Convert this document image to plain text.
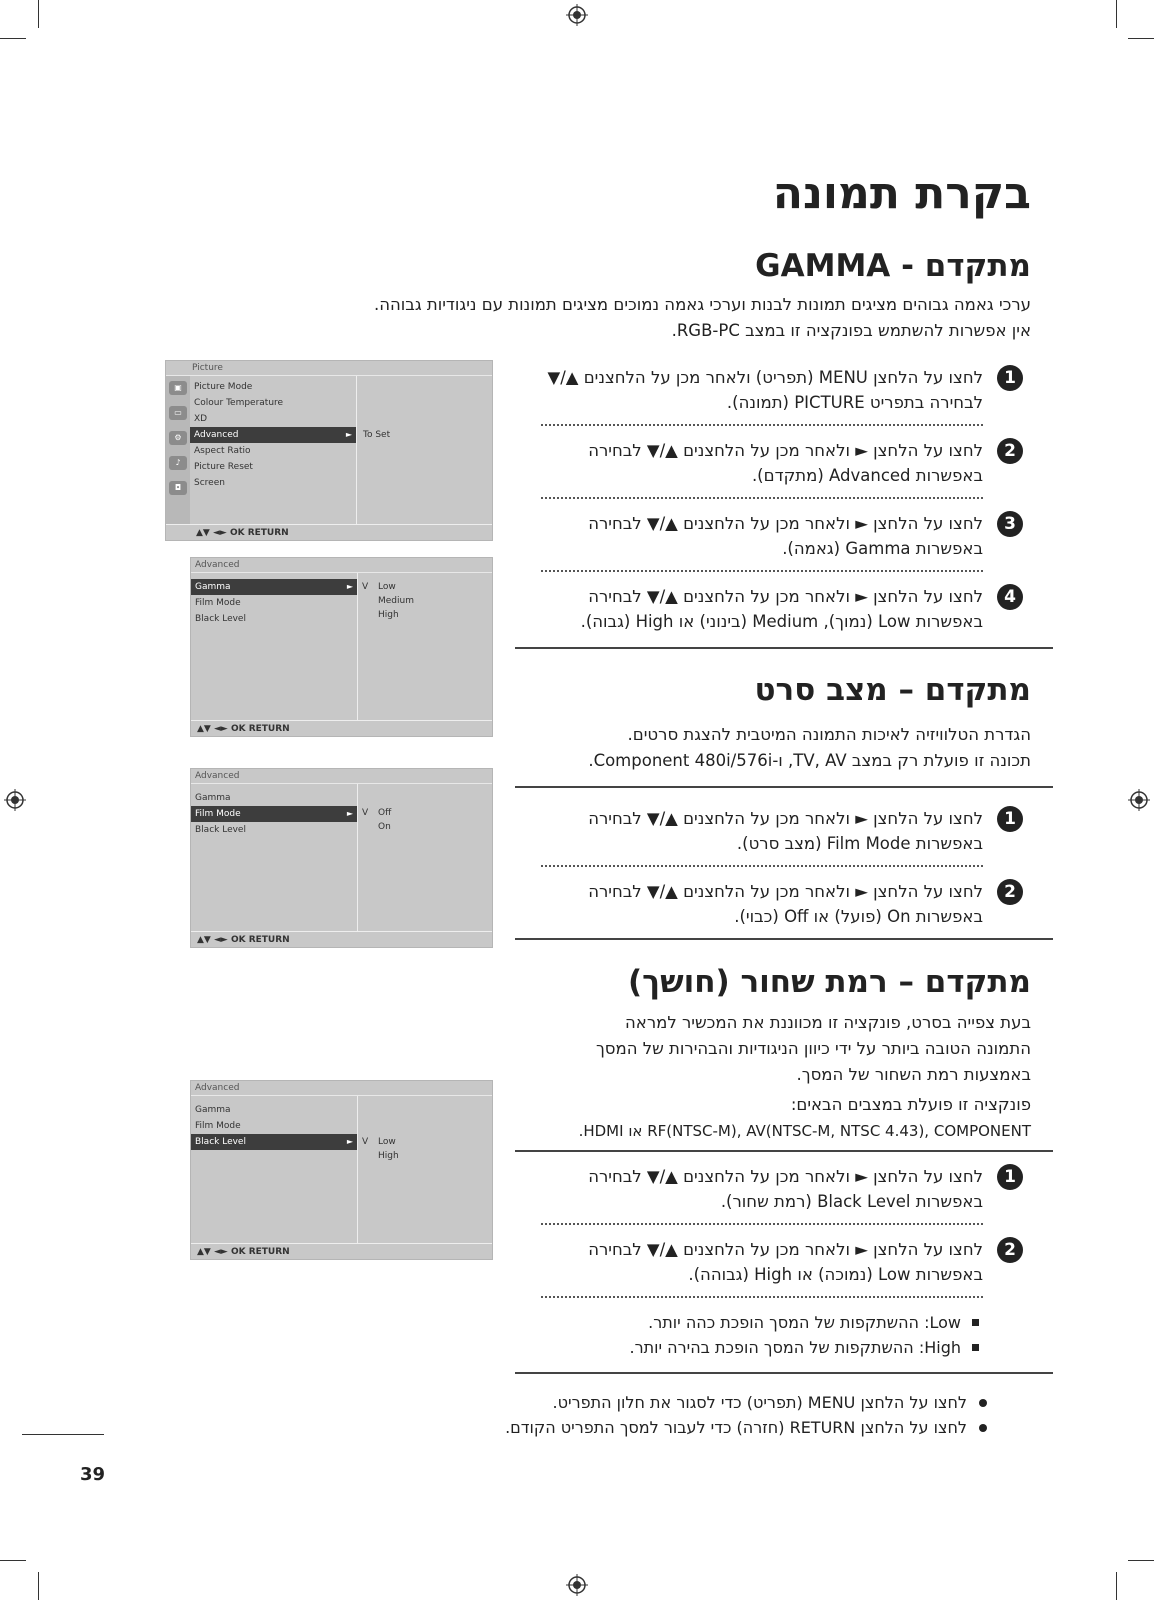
בקרת תמונה
מתקדם - GAMMA
ערכי גאמה גבוהים מציגים תמונות לבנות וערכי גאמה נמוכים מציגים תמונות עם ניגודיות גבוהה.
אין אפשרות להשתמש בפונקציה זו במצב RGB-PC.
1
לחצו על הלחצן MENU (תפריט) ולאחר מכן על הלחצנים ▲/▼
לבחירה בתפריט PICTURE (תמונה).
2
לחצו על הלחצן ► ולאחר מכן על הלחצנים ▲/▼ לבחירה
באפשרות Advanced (מתקדם).
3
לחצו על הלחצן ► ולאחר מכן על הלחצנים ▲/▼ לבחירה
באפשרות Gamma (גאמה).
4
לחצו על הלחצן ► ולאחר מכן על הלחצנים ▲/▼ לבחירה
באפשרות Low (נמוך), Medium (בינוני) או High (גבוה).
מתקדם – מצב סרט
הגדרת הטלוויזיה לאיכות התמונה המיטבית להצגת סרטים.
תכונה זו פועלת רק במצב TV, AV, ו-Component 480i/576i.
1
לחצו על הלחצן ► ולאחר מכן על הלחצנים ▲/▼ לבחירה
באפשרות Film Mode (מצב סרט).
2
לחצו על הלחצן ► ולאחר מכן על הלחצנים ▲/▼ לבחירה
באפשרות On (פועל) או Off (כבוי).
מתקדם – רמת שחור (חושך)
בעת צפייה בסרט, פונקציה זו מכווננת את המכשיר למראה
התמונה הטובה ביותר על ידי כיוון הניגודיות והבהירות של המסך
באמצעות רמת השחור של המסך.
פונקציה זו פועלת במצבים הבאים:
RF(NTSC-M), AV(NTSC-M, NTSC 4.43), COMPONENT או HDMI.
1
לחצו על הלחצן ► ולאחר מכן על הלחצנים ▲/▼ לבחירה
באפשרות Black Level (רמת שחור).
2
לחצו על הלחצן ► ולאחר מכן על הלחצנים ▲/▼ לבחירה
באפשרות Low (נמוכה) או High (גבוהה).
Low: ההשתקפות של המסך הופכת כהה יותר.
High: ההשתקפות של המסך הופכת בהירה יותר.
לחצו על הלחצן MENU (תפריט) כדי לסגור את חלון התפריט.
לחצו על הלחצן RETURN (חזרה) כדי לעבור למסך התפריט הקודם.
Picture
▣
▭
⚙
♪
◘
Picture Mode
Colour Temperature
XD
Advanced	►
Aspect Ratio
Picture Reset
Screen
To Set
▲▼ ◄► OK RETURN
Advanced
Gamma	►
Film Mode
Black Level
V Low
Medium
High
▲▼ ◄► OK RETURN
Advanced
Gamma
Film Mode	►
Black Level
V Off
On
▲▼ ◄► OK RETURN
Advanced
Gamma
Film Mode
Black Level	► V Low
High
▲▼ ◄► OK RETURN
39
